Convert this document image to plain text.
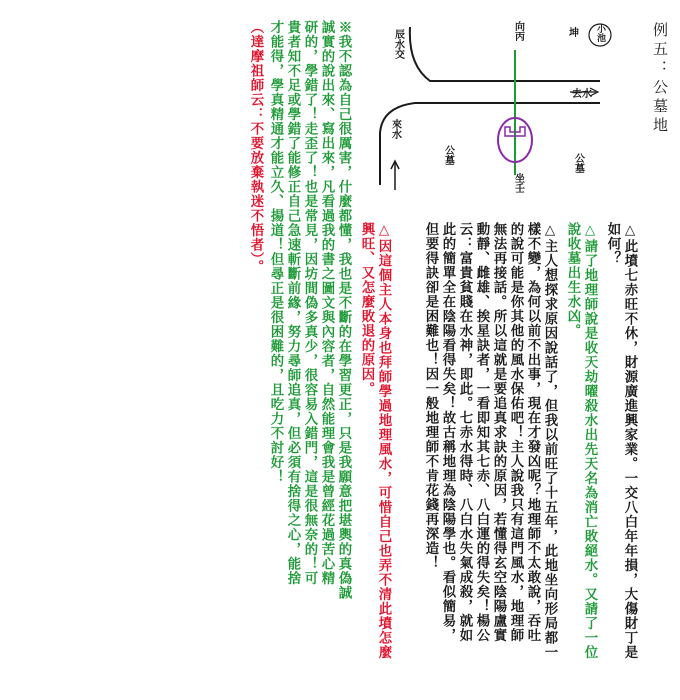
例五：公墓地
小池
坤
向丙
坐壬
辰水交
去水
來水
公墓	公墓
△此墳七赤旺不休，財源廣進興家業。一交八白年年損，大傷財丁是
如何？
△請了地理師說是收天劫曜殺水出先天名為消亡敗絕水。又請了一位
說收墓出生水凶。
△主人想探求原因說話了，但我以前旺了十五年，此地坐向形局都一
樣不變，為何以前不出事，現在才發凶呢？地理師不太敢說，吞吐
的說可能是你其他的風水保佑吧！主人說我只有這門風水，地理師
無法再接話。所以這就是要追真求訣的原因，若懂得玄空陰陽盧實
動靜、雌雄、挨星訣者，一看即知其七赤、八白運的得失矣！楊公
云：富貴貧賤在水神，即此。七赤水得時、八白水失氣成殺，就如
此的簡單全在陰陽看得失矣！故古稱地理為陰陽學也。看似簡易，
但要得訣卻是困難也！因一般地理師不肯花錢再深造！
△因這個主人本身也拜師學過地理風水，可惜自己也弄不清此墳怎麼
興旺、又怎麼敗退的原因。
※我不認為自己很厲害，什麼都懂，我也是不斷的在學習更正，只是我願意把堪輿的真偽誠
誠實的說出來、寫出來，凡看過我的書之圖文與內容者，自然能理會我是曾經花過苦心精
研的，學錯了！走歪了！也是常見，因坊間偽多真少，很容易入錯門，這是很無奈的！可
貴者知不足或學錯了能修正自己急速斬斷前緣，努力尋師追真，但必須有捨得之心，能捨
才能得，學真精通才能立久、揚道！但尋正是很困難的，且吃力不討好！
（達摩祖師云：不要放棄執迷不悟者）。
